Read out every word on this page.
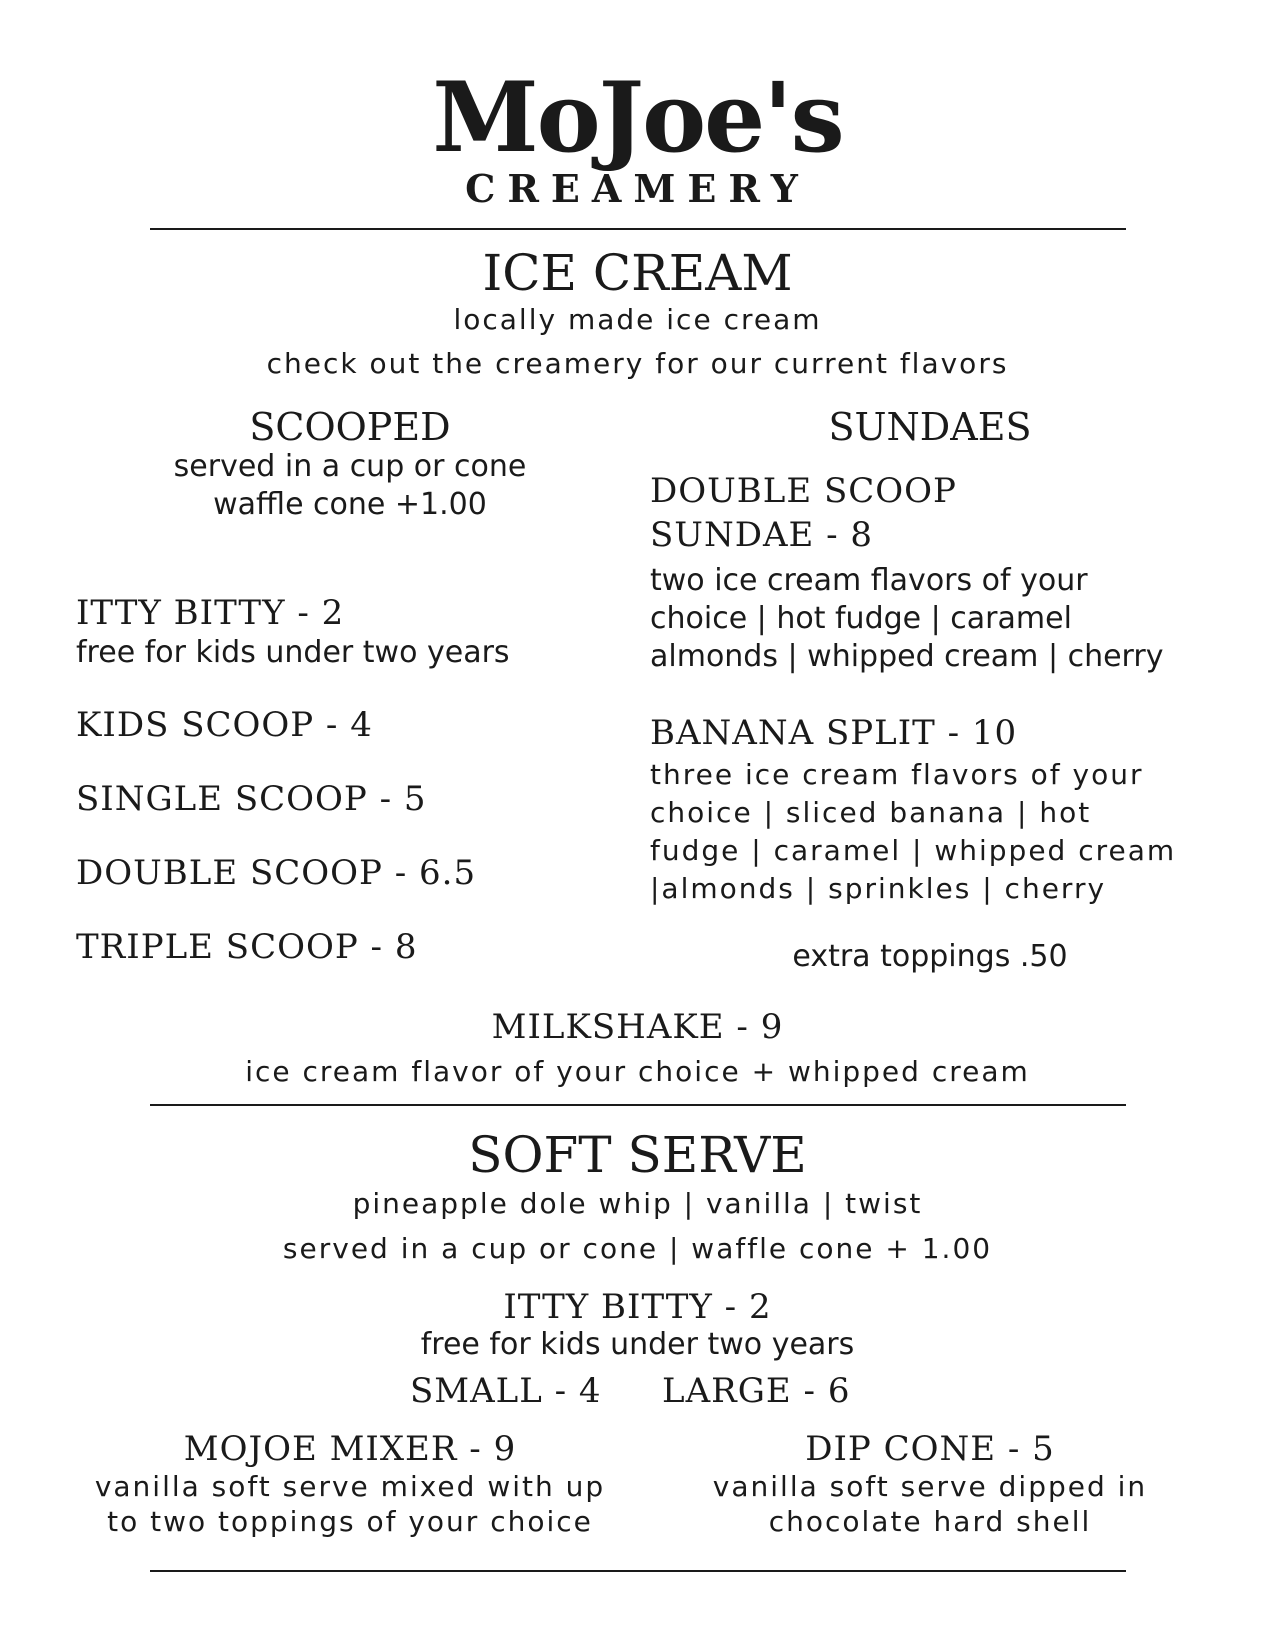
MoJoe's
CREAMERY
ICE CREAM
locally made ice cream
check out the creamery for our current flavors
SCOOPED
served in a cup or cone
waffle cone +1.00
ITTY BITTY - 2
free for kids under two years
KIDS SCOOP - 4
SINGLE SCOOP - 5
DOUBLE SCOOP - 6.5
TRIPLE SCOOP - 8
SUNDAES
DOUBLE SCOOP
SUNDAE - 8
two ice cream flavors of your
choice | hot fudge | caramel
almonds | whipped cream | cherry
BANANA SPLIT - 10
three ice cream flavors of your
choice | sliced banana | hot
fudge | caramel | whipped cream
|almonds | sprinkles | cherry
extra toppings .50
MILKSHAKE - 9
ice cream flavor of your choice + whipped cream
SOFT SERVE
pineapple dole whip | vanilla | twist
served in a cup or cone | waffle cone + 1.00
ITTY BITTY - 2
free for kids under two years
SMALL - 4 LARGE - 6
MOJOE MIXER - 9
vanilla soft serve mixed with up
to two toppings of your choice
DIP CONE - 5
vanilla soft serve dipped in
chocolate hard shell
